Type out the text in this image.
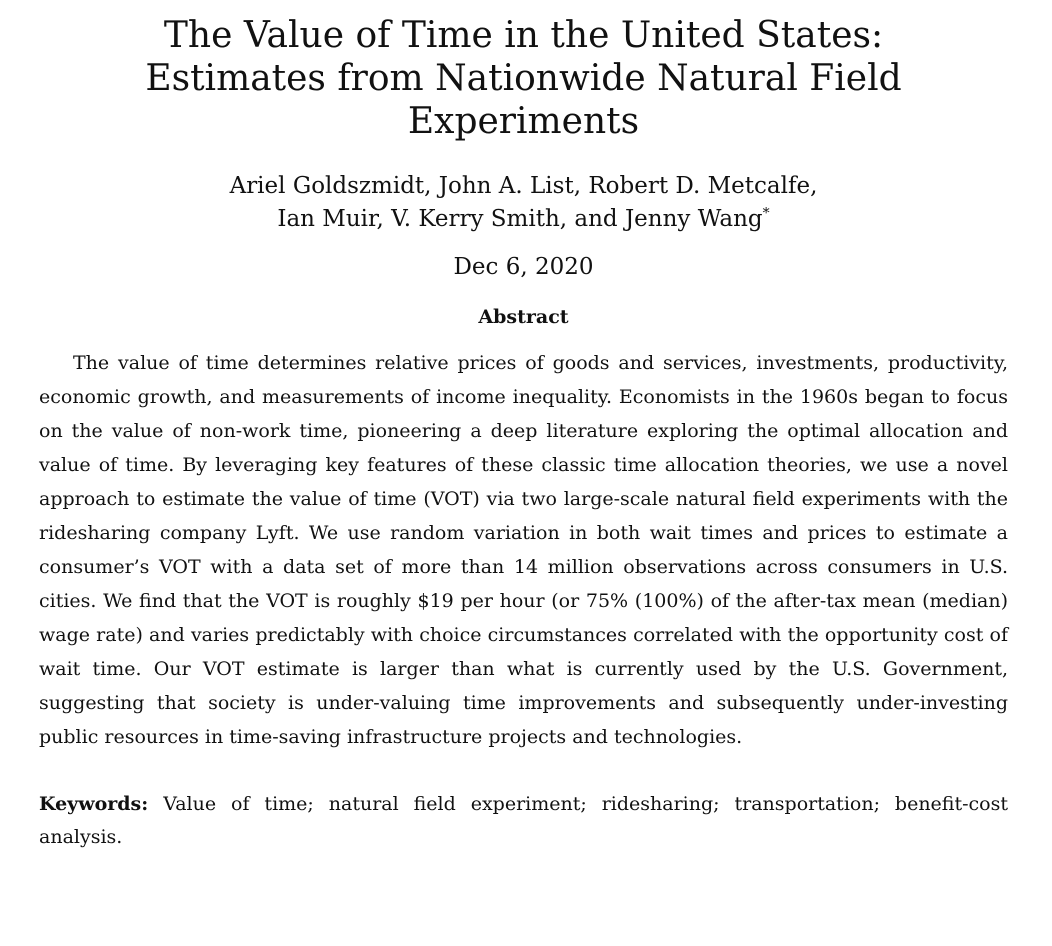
The Value of Time in the United States:
Estimates from Nationwide Natural Field Experiments
Ariel Goldszmidt, John A. List, Robert D. Metcalfe,
Ian Muir, V. Kerry Smith, and Jenny Wang*
Dec 6, 2020
Abstract

The value of time determines relative prices of goods and services, investments, productivity, economic growth, and measurements of income inequality. Economists in the 1960s began to focus on the value of non-work time, pioneering a deep literature exploring the optimal allocation and value of time. By leveraging key features of these classic time allocation theories, we use a novel approach to estimate the value of time (VOT) via two large-scale natural field experiments with the ridesharing company Lyft. We use random variation in both wait times and prices to estimate a consumer’s VOT with a data set of more than 14 million observations across consumers in U.S. cities. We find that the VOT is roughly $19 per hour (or 75% (100%) of the after-tax mean (median) wage rate) and varies predictably with choice circumstances correlated with the opportunity cost of wait time. Our VOT estimate is larger than what is currently used by the U.S. Government, suggesting that society is under-valuing time improvements and subsequently under-investing public resources in time-saving infrastructure projects and technologies.

Keywords: Value of time; natural field experiment; ridesharing; transportation; benefit-cost analysis.
